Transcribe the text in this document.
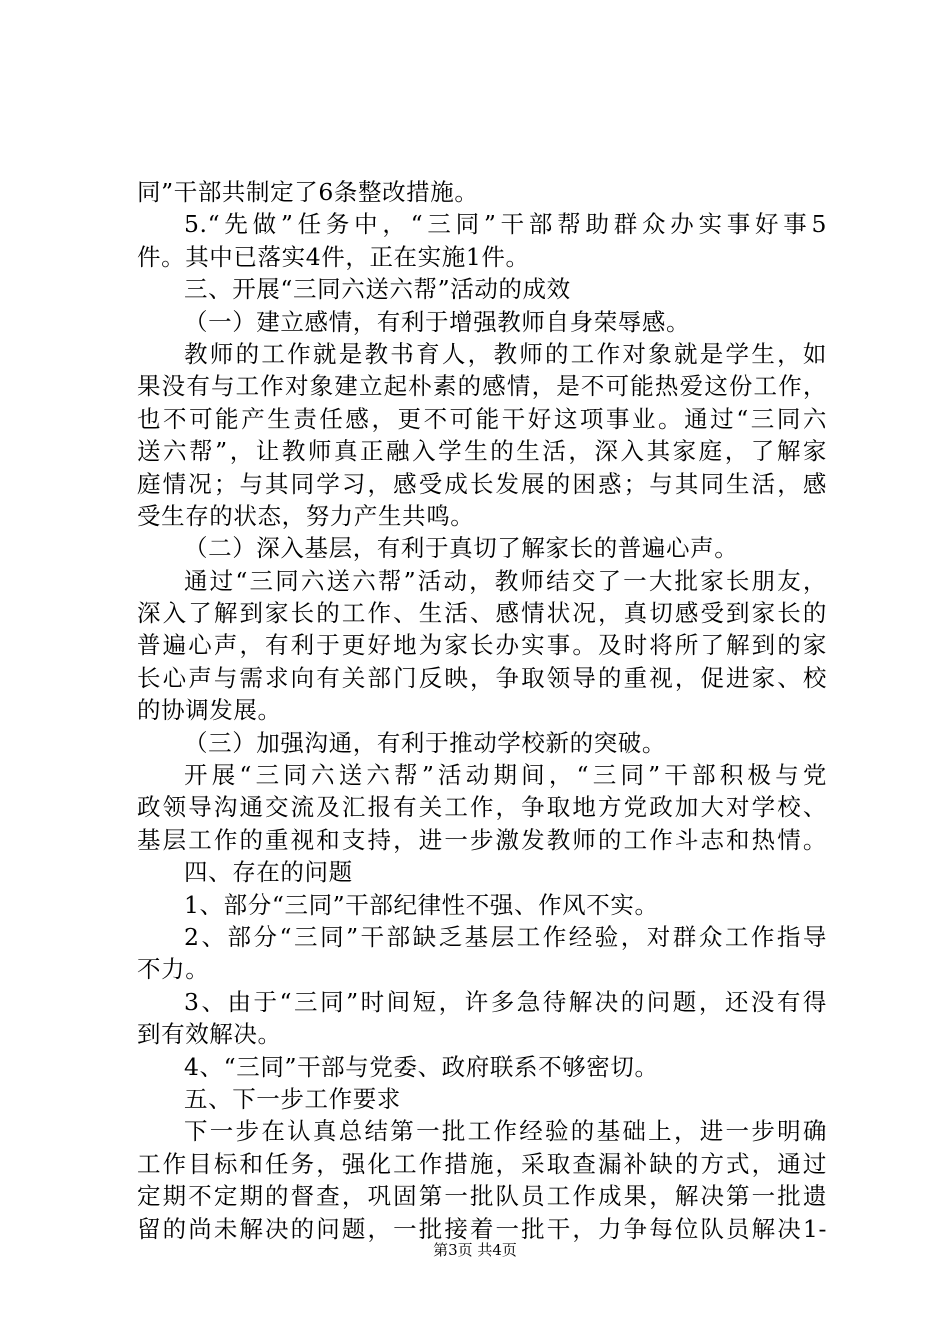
同”干部共制定了6条整改措施。
5.“先做”任务中，“三同”干部帮助群众办实事好事5
件。其中已落实4件，正在实施1件。
三、开展“三同六送六帮”活动的成效
（一）建立感情，有利于增强教师自身荣辱感。
教师的工作就是教书育人，教师的工作对象就是学生，如
果没有与工作对象建立起朴素的感情，是不可能热爱这份工作，
也不可能产生责任感，更不可能干好这项事业。通过“三同六
送六帮”，让教师真正融入学生的生活，深入其家庭，了解家
庭情况；与其同学习，感受成长发展的困惑；与其同生活，感
受生存的状态，努力产生共鸣。
（二）深入基层，有利于真切了解家长的普遍心声。
通过“三同六送六帮”活动，教师结交了一大批家长朋友，
深入了解到家长的工作、生活、感情状况，真切感受到家长的
普遍心声，有利于更好地为家长办实事。及时将所了解到的家
长心声与需求向有关部门反映，争取领导的重视，促进家、校
的协调发展。
（三）加强沟通，有利于推动学校新的突破。
开展“三同六送六帮”活动期间，“三同”干部积极与党
政领导沟通交流及汇报有关工作，争取地方党政加大对学校、
基层工作的重视和支持，进一步激发教师的工作斗志和热情。
四、存在的问题
1、部分“三同”干部纪律性不强、作风不实。
2、部分“三同”干部缺乏基层工作经验，对群众工作指导
不力。
3、由于“三同”时间短，许多急待解决的问题，还没有得
到有效解决。
4、“三同”干部与党委、政府联系不够密切。
五、下一步工作要求
下一步在认真总结第一批工作经验的基础上，进一步明确
工作目标和任务，强化工作措施，采取查漏补缺的方式，通过
定期不定期的督查，巩固第一批队员工作成果，解决第一批遗
留的尚未解决的问题，一批接着一批干，力争每位队员解决1-
第3页 共4页
